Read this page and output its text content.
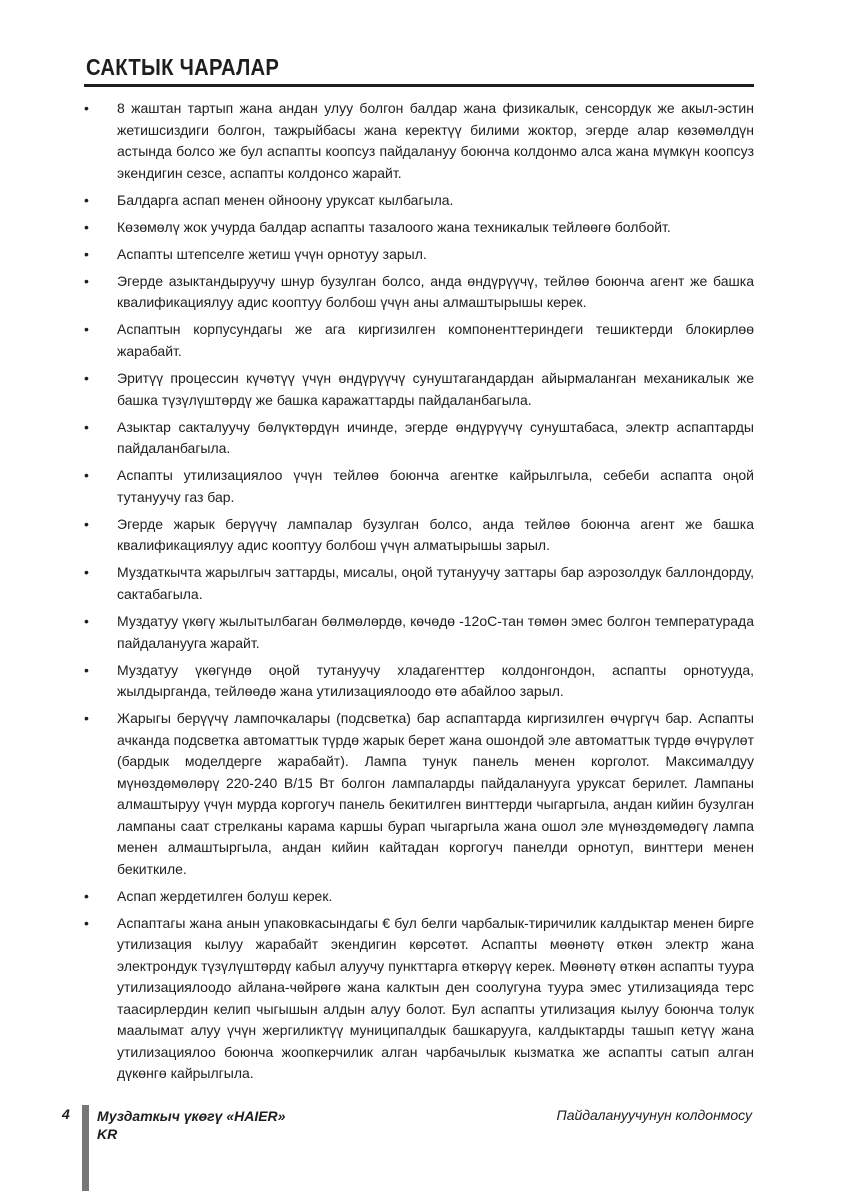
САКТЫК ЧАРАЛАР
• 8 жаштан тартып жана андан улуу болгон балдар жана физикалык, сенсордук же акыл-эстин жетишсиздиги болгон, тажрыйбасы жана керектүү билими жоктор, эгерде алар көзөмөлдүн астында болсо же бул аспапты коопсуз пайдалануу боюнча колдонмо алса жана мүмкүн коопсуз экендигин сезсе, аспапты колдонсо жарайт.
• Балдарга аспап менен ойноону уруксат кылбагыла.
• Көзөмөлү жок учурда балдар аспапты тазалоого жана техникалык тейлөөгө болбойт.
• Аспапты штепселге жетиш үчүн орнотуу зарыл.
• Эгерде азыктандыруучу шнур бузулган болсо, анда өндүрүүчү, тейлөө боюнча агент же башка квалификациялуу адис кооптуу болбош үчүн аны алмаштырышы керек.
• Аспаптын корпусундагы же ага киргизилген компоненттериндеги тешиктерди блокирлөө жарабайт.
• Эритүү процессин күчөтүү үчүн өндүрүүчү сунуштагандардан айырмаланган механикалык же башка түзүлүштөрдү же башка каражаттарды пайдаланбагыла.
• Азыктар сакталуучу бөлүктөрдүн ичинде, эгерде өндүрүүчү сунуштабаса, электр аспаптарды пайдаланбагыла.
• Аспапты утилизациялоо үчүн тейлөө боюнча агентке кайрылгыла, себеби аспапта оңой тутануучу газ бар.
• Эгерде жарык берүүчү лампалар бузулган болсо, анда тейлөө боюнча агент же башка квалификациялуу адис кооптуу болбош үчүн алматырышы зарыл.
• Муздаткычта жарылгыч заттарды, мисалы, оңой тутануучу заттары бар аэрозолдук баллондорду, сактабагыла.
• Муздатуу үкөгү жылытылбаган бөлмөлөрдө, көчөдө -12оС-тан төмөн эмес болгон температурада пайдаланууга жарайт.
• Муздатуу үкөгүндө оңой тутануучу хладагенттер колдонгондон, аспапты орнотууда, жылдырганда, тейлөөдө жана утилизациялоодо өтө абайлоо зарыл.
• Жарыгы берүүчү лампочкалары (подсветка) бар аспаптарда киргизилген өчүргүч бар. Аспапты ачканда подсветка автоматтык түрдө жарык берет жана ошондой эле автоматтык түрдө өчүрүлөт (бардык моделдерге жарабайт). Лампа тунук панель менен корголот. Максималдуу мүнөздөмөлөрү 220-240 В/15 Вт болгон лампаларды пайдаланууга уруксат берилет. Лампаны алмаштыруу үчүн мурда коргогуч панель бекитилген винттерди чыгаргыла, андан кийин бузулган лампаны саат стрелканы карама каршы бурап чыгаргыла жана ошол эле мүнөздөмөдөгү лампа менен алмаштыргыла, андан кийин кайтадан коргогуч панелди орнотуп, винттери менен бекиткиле.
• Аспап жердетилген болуш керек.
• Аспаптагы жана анын упаковкасындагы € бул белги чарбалык-тиричилик калдыктар менен бирге утилизация кылуу жарабайт экендигин көрсөтөт. Аспапты мөөнөтү өткөн электр жана электрондук түзүлүштөрдү кабыл алуучу пункттарга өткөрүү керек. Мөөнөтү өткөн аспапты туура утилизациялоодо айлана-чөйрөгө жана калктын ден соолугуна туура эмес утилизацияда терс таасирлердин келип чыгышын алдын алуу болот. Бул аспапты утилизация кылуу боюнча толук маалымат алуу үчүн жергиликтүү муниципалдык башкарууга, калдыктарды ташып кетүү жана утилизациялоо боюнча жоопкерчилик алган чарбачылык кызматка же аспапты сатып алган дүкөнгө кайрылгыла.
4 Муздаткыч үкөгү «HAIER»
KR
Пайдалануучунун колдонмосу
